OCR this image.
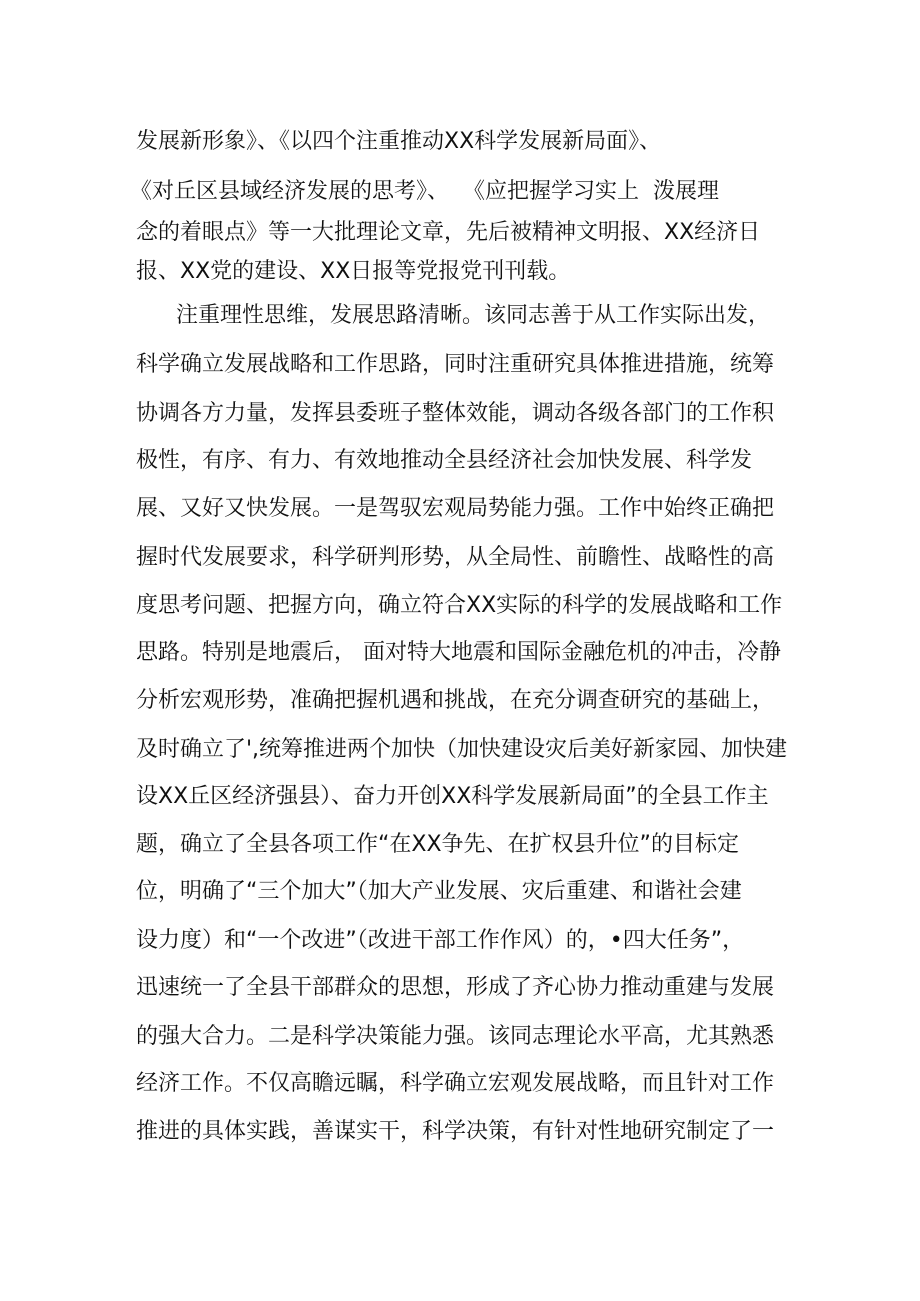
发展新形象》、《以四个注重推动XX科学发展新局面》、
《对丘区县域经济发展的思考》、  《应把握学习实上  泼展理
念的着眼点》等一大批理论文章，先后被精神文明报、XX经济日
报、XX党的建设、XX日报等党报党刊刊载。
注重理性思维，发展思路清晰。该同志善于从工作实际出发，
科学确立发展战略和工作思路，同时注重研究具体推进措施，统筹
协调各方力量，发挥县委班子整体效能，调动各级各部门的工作积
极性，有序、有力、有效地推动全县经济社会加快发展、科学发
展、又好又快发展。一是驾驭宏观局势能力强。工作中始终正确把
握时代发展要求，科学研判形势，从全局性、前瞻性、战略性的高
度思考问题、把握方向，确立符合XX实际的科学的发展战略和工作
思路。特别是地震后， 面对特大地震和国际金融危机的冲击，冷静
分析宏观形势，准确把握机遇和挑战，在充分调查研究的基础上，
及时确立了',统筹推进两个加快（加快建设灾后美好新家园、加快建
设XX丘区经济强县）、奋力开创XX科学发展新局面”的全县工作主
题，确立了全县各项工作“在XX争先、在扩权县升位”的目标定
位，明确了“三个加大”（加大产业发展、灾后重建、和谐社会建
设力度）和“一个改进”（改进干部工作作风）的，•四大任务”，
迅速统一了全县干部群众的思想，形成了齐心协力推动重建与发展
的强大合力。二是科学决策能力强。该同志理论水平高，尤其熟悉
经济工作。不仅高瞻远瞩，科学确立宏观发展战略，而且针对工作
推进的具体实践，善谋实干，科学决策，有针对性地研究制定了一
